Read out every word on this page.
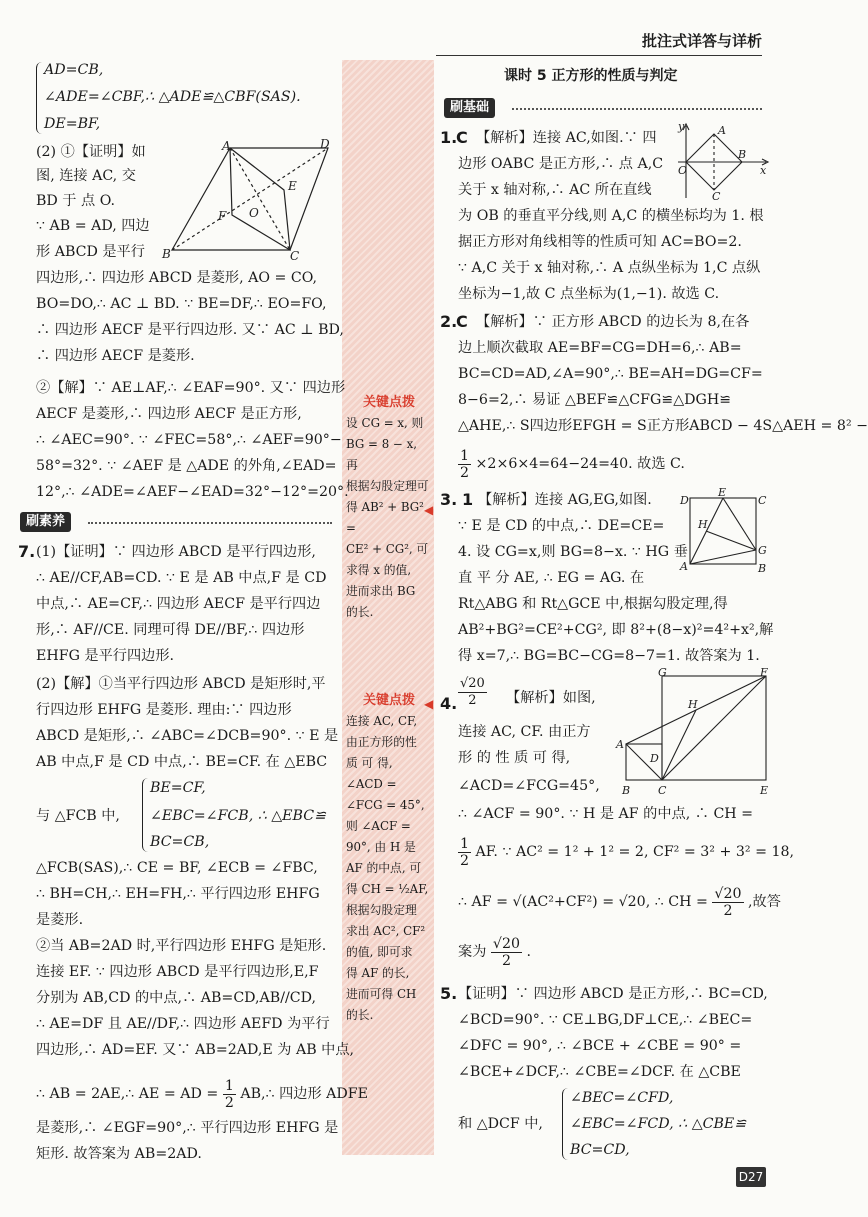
批注式详答与详析
关键点拨
设 CG = x, 则
BG = 8 − x, 再
根据勾股定理可
得 AB² + BG² =
CE² + CG², 可
求得 x 的值,
进而求出 BG
的长.
◀
关键点拨
连接 AC, CF,
由正方形的性
质 可 得,
∠ACD =
∠FCG = 45°,
则 ∠ACF =
90°, 由 H 是
AF 的中点, 可
得 CH = ½AF,
根据勾股定理
求出 AC², CF²
的值, 即可求
得 AF 的长,
进而可得 CH
的长.
◀
AD=CB,
∠ADE=∠CBF,∴ △ADE≌△CBF(SAS).
DE=BF,
(2) ①【证明】如
图, 连接 AC, 交
BD 于 点 O.
∵ AB = AD, 四边
形 ABCD 是平行
四边形,∴ 四边形 ABCD 是菱形, AO = CO,
BO=DO,∴ AC ⊥ BD. ∵ BE=DF,∴ EO=FO,
∴ 四边形 AECF 是平行四边形. 又∵ AC ⊥ BD,
∴ 四边形 AECF 是菱形.
②【解】∵ AE⊥AF,∴ ∠EAF=90°. 又∵ 四边形
AECF 是菱形,∴ 四边形 AECF 是正方形,
∴ ∠AEC=90°. ∵ ∠FEC=58°,∴ ∠AEF=90°−
58°=32°. ∵ ∠AEF 是 △ADE 的外角,∠EAD=
12°,∴ ∠ADE=∠AEF−∠EAD=32°−12°=20°.
A	D
E
F O
B	C
刷素养
7. (1)【证明】∵ 四边形 ABCD 是平行四边形,
∴ AE//CF,AB=CD. ∵ E 是 AB 中点,F 是 CD
中点,∴ AE=CF,∴ 四边形 AECF 是平行四边
形,∴ AF//CE. 同理可得 DE//BF,∴ 四边形
EHFG 是平行四边形.
(2)【解】①当平行四边形 ABCD 是矩形时,平
行四边形 EHFG 是菱形. 理由:∵ 四边形
ABCD 是矩形,∴ ∠ABC=∠DCB=90°. ∵ E 是
AB 中点,F 是 CD 中点,∴ BE=CF. 在 △EBC
与 △FCB 中,
BE=CF,
∠EBC=∠FCB, ∴ △EBC≌
BC=CB,
△FCB(SAS),∴ CE = BF, ∠ECB = ∠FBC,
∴ BH=CH,∴ EH=FH,∴ 平行四边形 EHFG
是菱形.
②当 AB=2AD 时,平行四边形 EHFG 是矩形.
连接 EF. ∵ 四边形 ABCD 是平行四边形,E,F
分别为 AB,CD 的中点,∴ AB=CD,AB//CD,
∴ AE=DF 且 AE//DF,∴ 四边形 AEFD 为平行
四边形,∴ AD=EF. 又∵ AB=2AD,E 为 AB 中点,
∴ AB = 2AE,∴ AE = AD = $\frac{1}{2}$ AB,∴ 四边形 ADFE
是菱形,∴ ∠EGF=90°,∴ 平行四边形 EHFG 是
矩形. 故答案为 AB=2AD.
课时 5 正方形的性质与判定
刷基础
1.
C 【解析】连接 AC,如图.∵ 四
边形 OABC 是正方形,∴ 点 A,C
关于 x 轴对称,∴ AC 所在直线
为 OB 的垂直平分线,则 A,C 的横坐标均为 1. 根
据正方形对角线相等的性质可知 AC=BO=2.
∵ A,C 关于 x 轴对称,∴ A 点纵坐标为 1,C 点纵
坐标为−1,故 C 点坐标为(1,−1). 故选 C.
y	A
O
B
x
C
2.
C 【解析】∵ 正方形 ABCD 的边长为 8,在各
边上顺次截取 AE=BF=CG=DH=6,∴ AB=
BC=CD=AD,∠A=90°,∴ BE=AH=DG=CF=
8−6=2,∴ 易证 △BEF≌△CFG≌△DGH≌
△AHE,∴ S四边形EFGH = S正方形ABCD − 4S△AEH = 8² −
$\frac{1}{2} \times 2\times 6\times 4=64-24=40$. 故选 C.
3. 1 【解析】连接 AG,EG,如图.
∵ E 是 CD 的中点,∴ DE=CE=
4. 设 CG=x,则 BG=8−x. ∵ HG 垂
直 平 分 AE, ∴ EG = AG. 在
Rt△ABG 和 Rt△GCE 中,根据勾股定理,得
AB²+BG²=CE²+CG², 即 8²+(8−x)²=4²+x²,解
得 x=7,∴ BG=BC−CG=8−7=1. 故答案为 1.
D
E
C
H
G
A	B
4. $\frac{√20}{2}$ 【解析】如图,
连接 AC, CF. 由正方
形 的 性 质 可 得,
∠ACD=∠FCG=45°,
∴ ∠ACF = 90°. ∵ H 是 AF 的中点, ∴ CH =
$\frac{1}{2}$ AF. ∵ AC² = 1² + 1² = 2, CF² = 3² + 3² = 18,
∴ AF = √(AC²+CF²) = √20, ∴ CH = $\frac{√20}{2}$ ,故答
案为 $\frac{√20}{2}$ .
G	F
H
A
D
B	C	E
5. 【证明】∵ 四边形 ABCD 是正方形,∴ BC=CD,
∠BCD=90°. ∵ CE⊥BG,DF⊥CE,∴ ∠BEC=
∠DFC = 90°, ∴ ∠BCE + ∠CBE = 90° =
∠BCE+∠DCF,∴ ∠CBE=∠DCF. 在 △CBE
和 △DCF 中,
∠BEC=∠CFD,
∠EBC=∠FCD, ∴ △CBE≌
BC=CD,
D27
